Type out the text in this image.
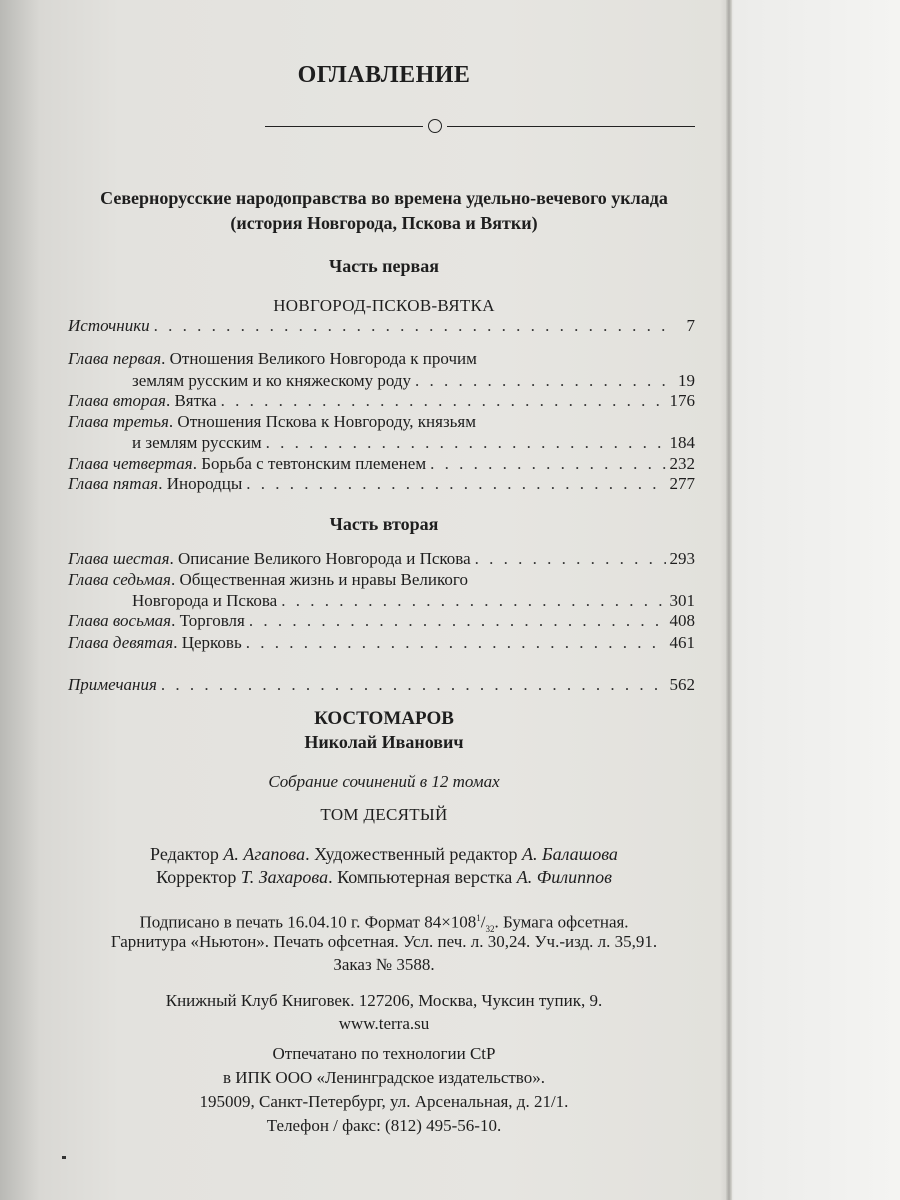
ОГЛАВЛЕНИЕ
Севернорусские народоправства во времена удельно-вечевого уклада
(история Новгорода, Пскова и Вятки)
Часть первая
НОВГОРОД-ПСКОВ-ВЯТКА
Источники . . .	7
Глава первая. Отношения Великого Новгорода к прочим
землям русским и ко княжескому роду . . .	19
Глава вторая. Вятка . . .	176
Глава третья. Отношения Пскова к Новгороду, князьям
и землям русским . . .	184
Глава четвертая. Борьба с тевтонским племенем . . .	232
Глава пятая. Инородцы . . .	277
Часть вторая
Глава шестая. Описание Великого Новгорода и Пскова . . .	293
Глава седьмая. Общественная жизнь и нравы Великого
Новгорода и Пскова . . .	301
Глава восьмая. Торговля . . .	408
Глава девятая. Церковь . . .	461
Примечания . . .	562
КОСТОМАРОВ
Николай Иванович
Собрание сочинений в 12 томах
ТОМ ДЕСЯТЫЙ
Редактор А. Агапова. Художественный редактор А. Балашова
Корректор Т. Захарова. Компьютерная верстка А. Филиппов
Подписано в печать 16.04.10 г. Формат $84\times 108^1/_{32}$. Бумага офсетная.
Гарнитура «Ньютон». Печать офсетная. Усл. печ. л. 30,24. Уч.-изд. л. 35,91.
Заказ № 3588.
Книжный Клуб Книговек. 127206, Москва, Чуксин тупик, 9.
www.terra.su
Отпечатано по технологии CtP
в ИПК ООО «Ленинградское издательство».
195009, Санкт-Петербург, ул. Арсенальная, д. 21/1.
Телефон / факс: (812) 495-56-10.
